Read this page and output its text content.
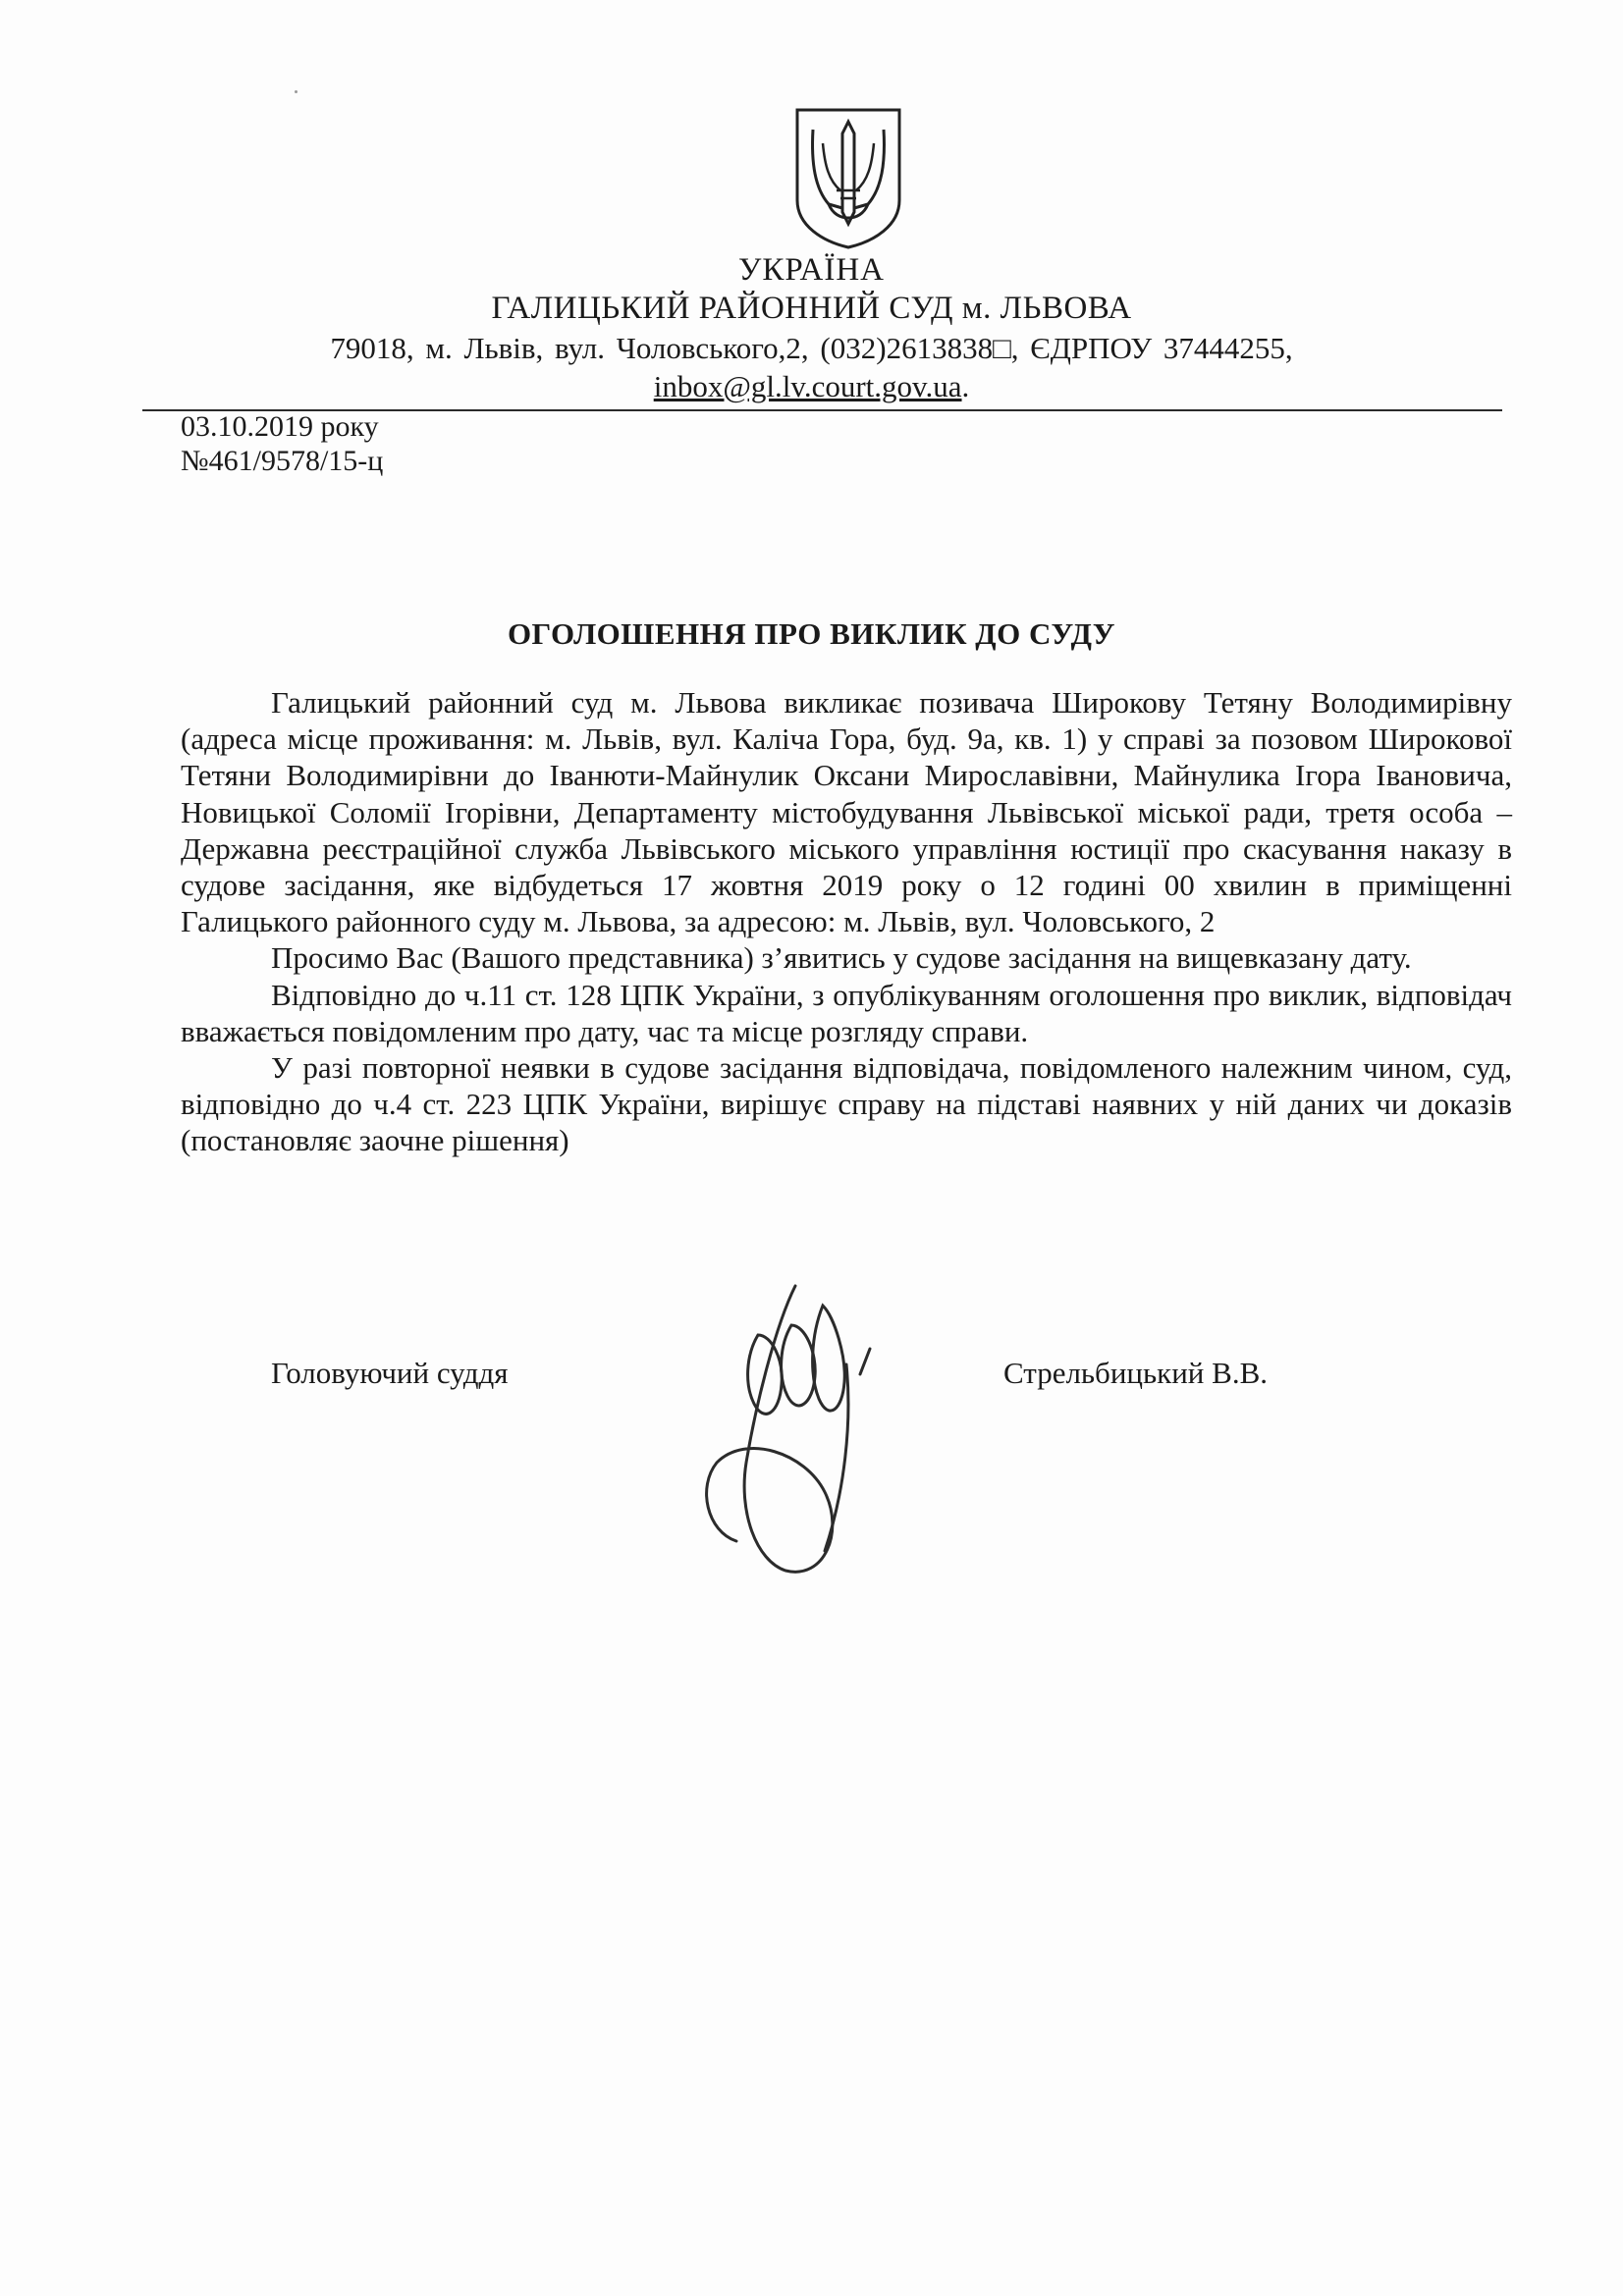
УКРАЇНА
ГАЛИЦЬКИЙ РАЙОННИЙ СУД м. ЛЬВОВА
79018, м. Львів, вул. Чоловського,2, (032)2613838□, ЄДРПОУ 37444255,
inbox@gl.lv.court.gov.ua.
03.10.2019 року
№461/9578/15-ц
ОГОЛОШЕННЯ ПРО ВИКЛИК ДО СУДУ

Галицький районний суд м. Львова викликає позивача Широкову Тетяну Володимирівну (адреса місце проживання: м. Львів, вул. Каліча Гора, буд. 9а, кв. 1) у справі за позовом Широкової Тетяни Володимирівни до Іванюти-Майнулик Оксани Мирославівни, Майнулика Ігора Івановича, Новицької Соломії Ігорівни, Департаменту містобудування Львівської міської ради, третя особа – Державна реєстраційної служба Львівського міського управління юстиції про скасування наказу в судове засідання, яке відбудеться 17 жовтня 2019 року о 12 годині 00 хвилин в приміщенні Галицького районного суду м. Львова, за адресою: м. Львів, вул. Чоловського, 2

Просимо Вас (Вашого представника) з’явитись у судове засідання на вищевказану дату.

Відповідно до ч.11 ст. 128 ЦПК України, з опублікуванням оголошення про виклик, відповідач вважається повідомленим про дату, час та місце розгляду справи.

У разі повторної неявки в судове засідання відповідача, повідомленого належним чином, суд, відповідно до ч.4 ст. 223 ЦПК України, вирішує справу на підставі наявних у ній даних чи доказів (постановляє заочне рішення)

Головуючий суддя	Стрельбицький В.В.
